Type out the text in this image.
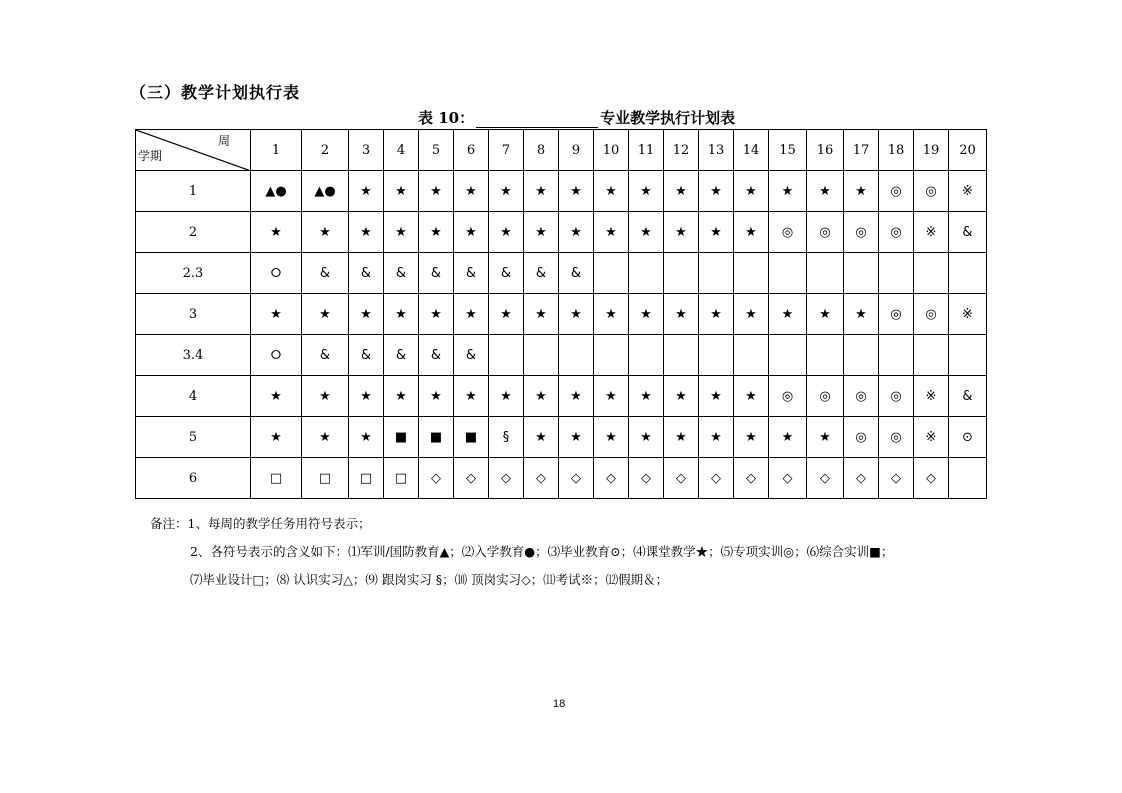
（三）教学计划执行表
表 10：	专业教学执行计划表
周
学期	1	2	3	4	5	6	7	8	9	10	11	12	13	14	15	16	17	18	19	20
1	▲●	▲●	★	★	★	★	★	★	★	★	★	★	★	★	★	★	★	◎	◎	※
2	★	★	★	★	★	★	★	★	★	★	★	★	★	★	◎	◎	◎	◎	※	&
2.3	⭘	&	&	&	&	&	&	&	&											
3	★	★	★	★	★	★	★	★	★	★	★	★	★	★	★	★	★	◎	◎	※
3.4	⭘	&	&	&	&	&														
4	★	★	★	★	★	★	★	★	★	★	★	★	★	★	◎	◎	◎	◎	※	&
5	★	★	★	■	■	■	§	★	★	★	★	★	★	★	★	★	◎	◎	※	⊙
6	□	□	□	□	◇	◇	◇	◇	◇	◇	◇	◇	◇	◇	◇	◇	◇	◇	◇	
备注：1、每周的教学任务用符号表示；
2、各符号表示的含义如下：⑴军训/国防教育▲；⑵入学教育●；⑶毕业教育⊙；⑷课堂教学★；⑸专项实训◎；⑹综合实训■；
⑺毕业设计□；⑻ 认识实习△；⑼ 跟岗实习 §；⑽ 顶岗实习◇；⑾考试※；⑿假期＆；
18
